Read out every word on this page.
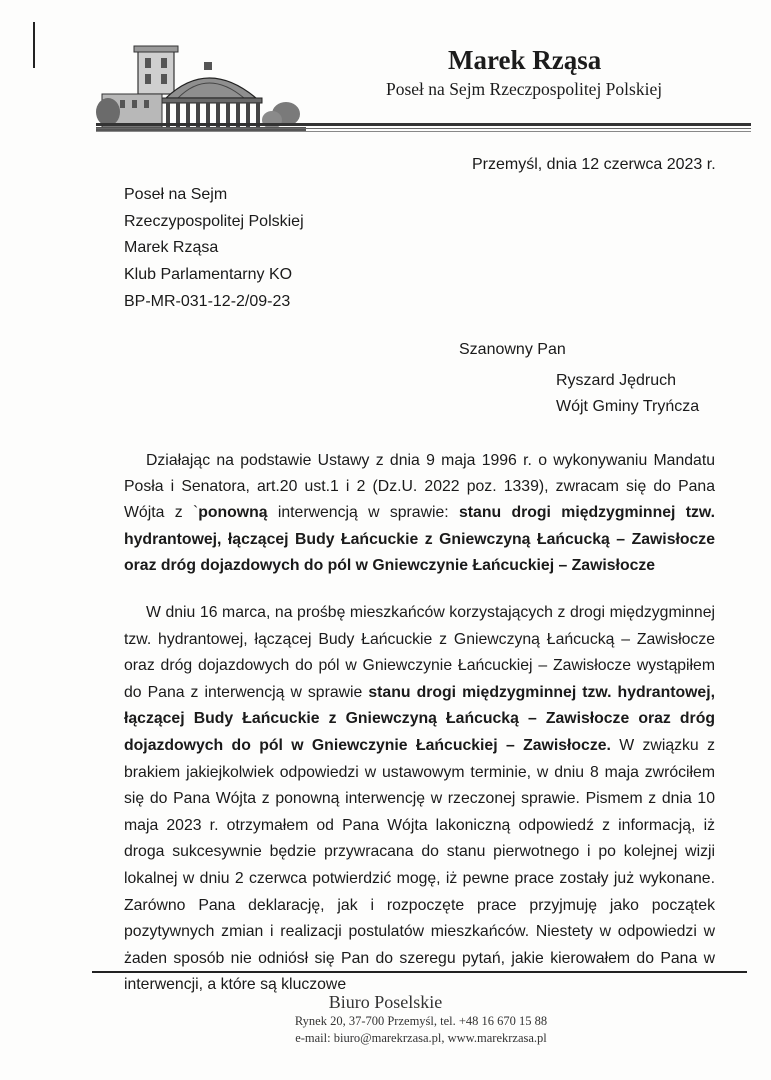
Marek Rząsa
Poseł na Sejm Rzeczpospolitej Polskiej
Przemyśl, dnia 12 czerwca 2023 r.
Poseł na Sejm
Rzeczypospolitej Polskiej
Marek Rząsa
Klub Parlamentarny KO
BP-MR-031-12-2/09-23
Szanowny Pan
Ryszard Jędruch
Wójt Gminy Tryńcza
Działając na podstawie Ustawy z dnia 9 maja 1996 r. o wykonywaniu Mandatu Posła i Senatora, art.20 ust.1 i 2 (Dz.U. 2022 poz. 1339), zwracam się do Pana Wójta z `ponowną interwencją w sprawie: stanu drogi międzygminnej tzw. hydrantowej, łączącej Budy Łańcuckie z Gniewczyną Łańcucką – Zawisłocze oraz dróg dojazdowych do pól w Gniewczynie Łańcuckiej – Zawisłocze
W dniu 16 marca, na prośbę mieszkańców korzystających z drogi międzygminnej tzw. hydrantowej, łączącej Budy Łańcuckie z Gniewczyną Łańcucką – Zawisłocze oraz dróg dojazdowych do pól w Gniewczynie Łańcuckiej – Zawisłocze wystąpiłem do Pana z interwencją w sprawie stanu drogi międzygminnej tzw. hydrantowej, łączącej Budy Łańcuckie z Gniewczyną Łańcucką – Zawisłocze oraz dróg dojazdowych do pól w Gniewczynie Łańcuckiej – Zawisłocze. W związku z brakiem jakiejkolwiek odpowiedzi w ustawowym terminie, w dniu 8 maja zwróciłem się do Pana Wójta z ponowną interwencję w rzeczonej sprawie. Pismem z dnia 10 maja 2023 r. otrzymałem od Pana Wójta lakoniczną odpowiedź z informacją, iż droga sukcesywnie będzie przywracana do stanu pierwotnego i po kolejnej wizji lokalnej w dniu 2 czerwca potwierdzić mogę, iż pewne prace zostały już wykonane. Zarówno Pana deklarację, jak i rozpoczęte prace przyjmuję jako początek pozytywnych zmian i realizacji postulatów mieszkańców. Niestety w odpowiedzi w żaden sposób nie odniósł się Pan do szeregu pytań, jakie kierowałem do Pana w interwencji, a które są kluczowe
Biuro Poselskie
Rynek 20, 37-700 Przemyśl, tel. +48 16 670 15 88
e-mail: biuro@marekrzasa.pl, www.marekrzasa.pl
